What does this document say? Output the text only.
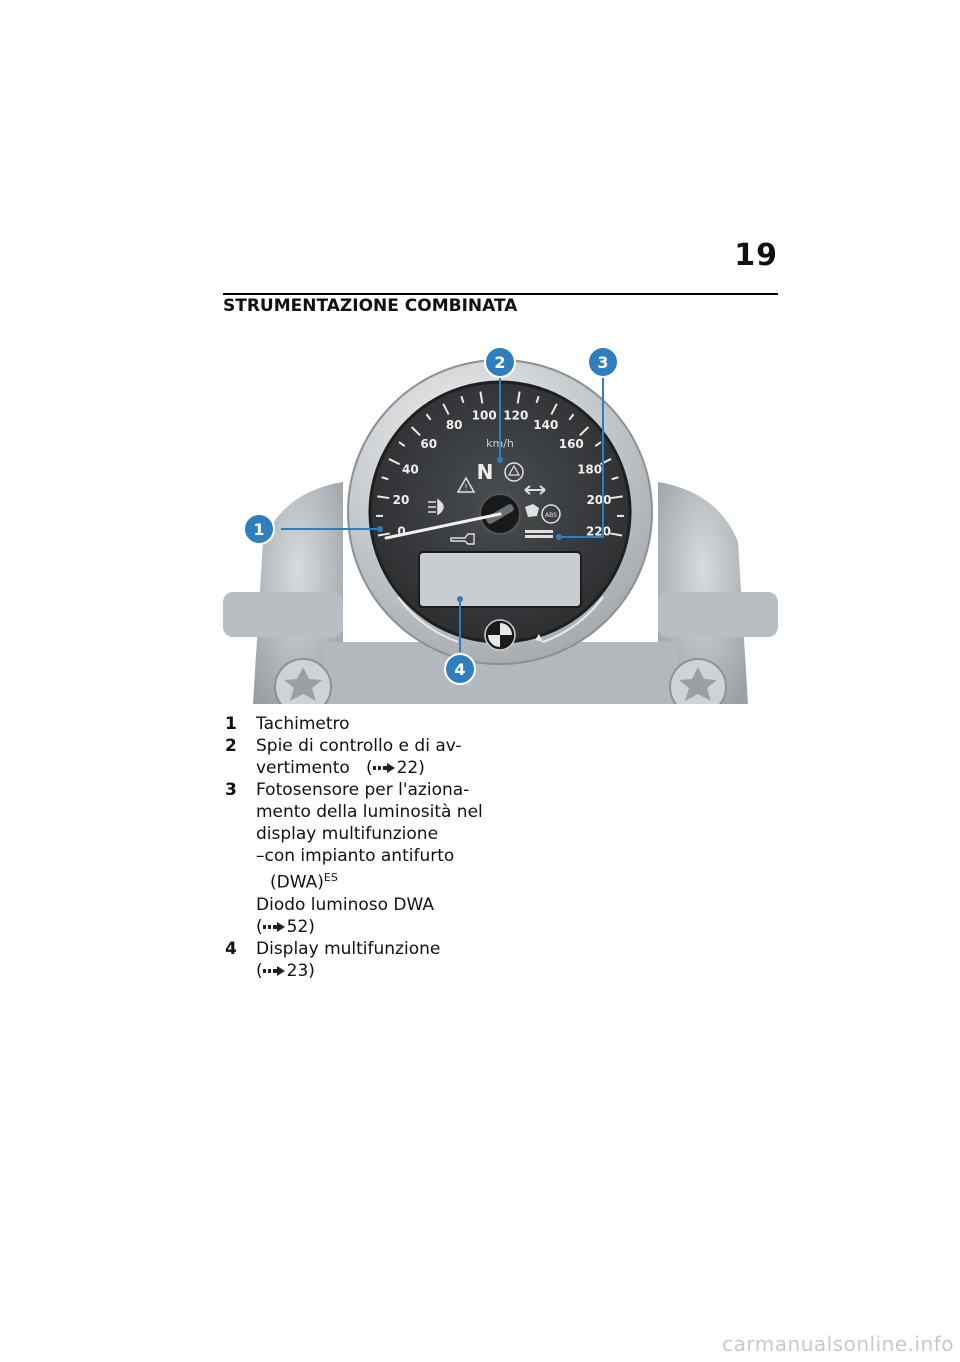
19
STRUMENTAZIONE COMBINATA
0
20
40
60
80
100 120
140
160
180
200
220
km/h
N
!
ABS
1
2	3
4
1	Tachimetro
2	Spie di controllo e di av-
vertimento   ( 22)
3	Fotosensore per l'aziona-
mento della luminosità nel
display multifunzione
–con impianto antifurto
(DWA)$^{ES}$
Diodo luminoso DWA
( 52)
4	Display multifunzione
( 23)
carmanualsonline.info
